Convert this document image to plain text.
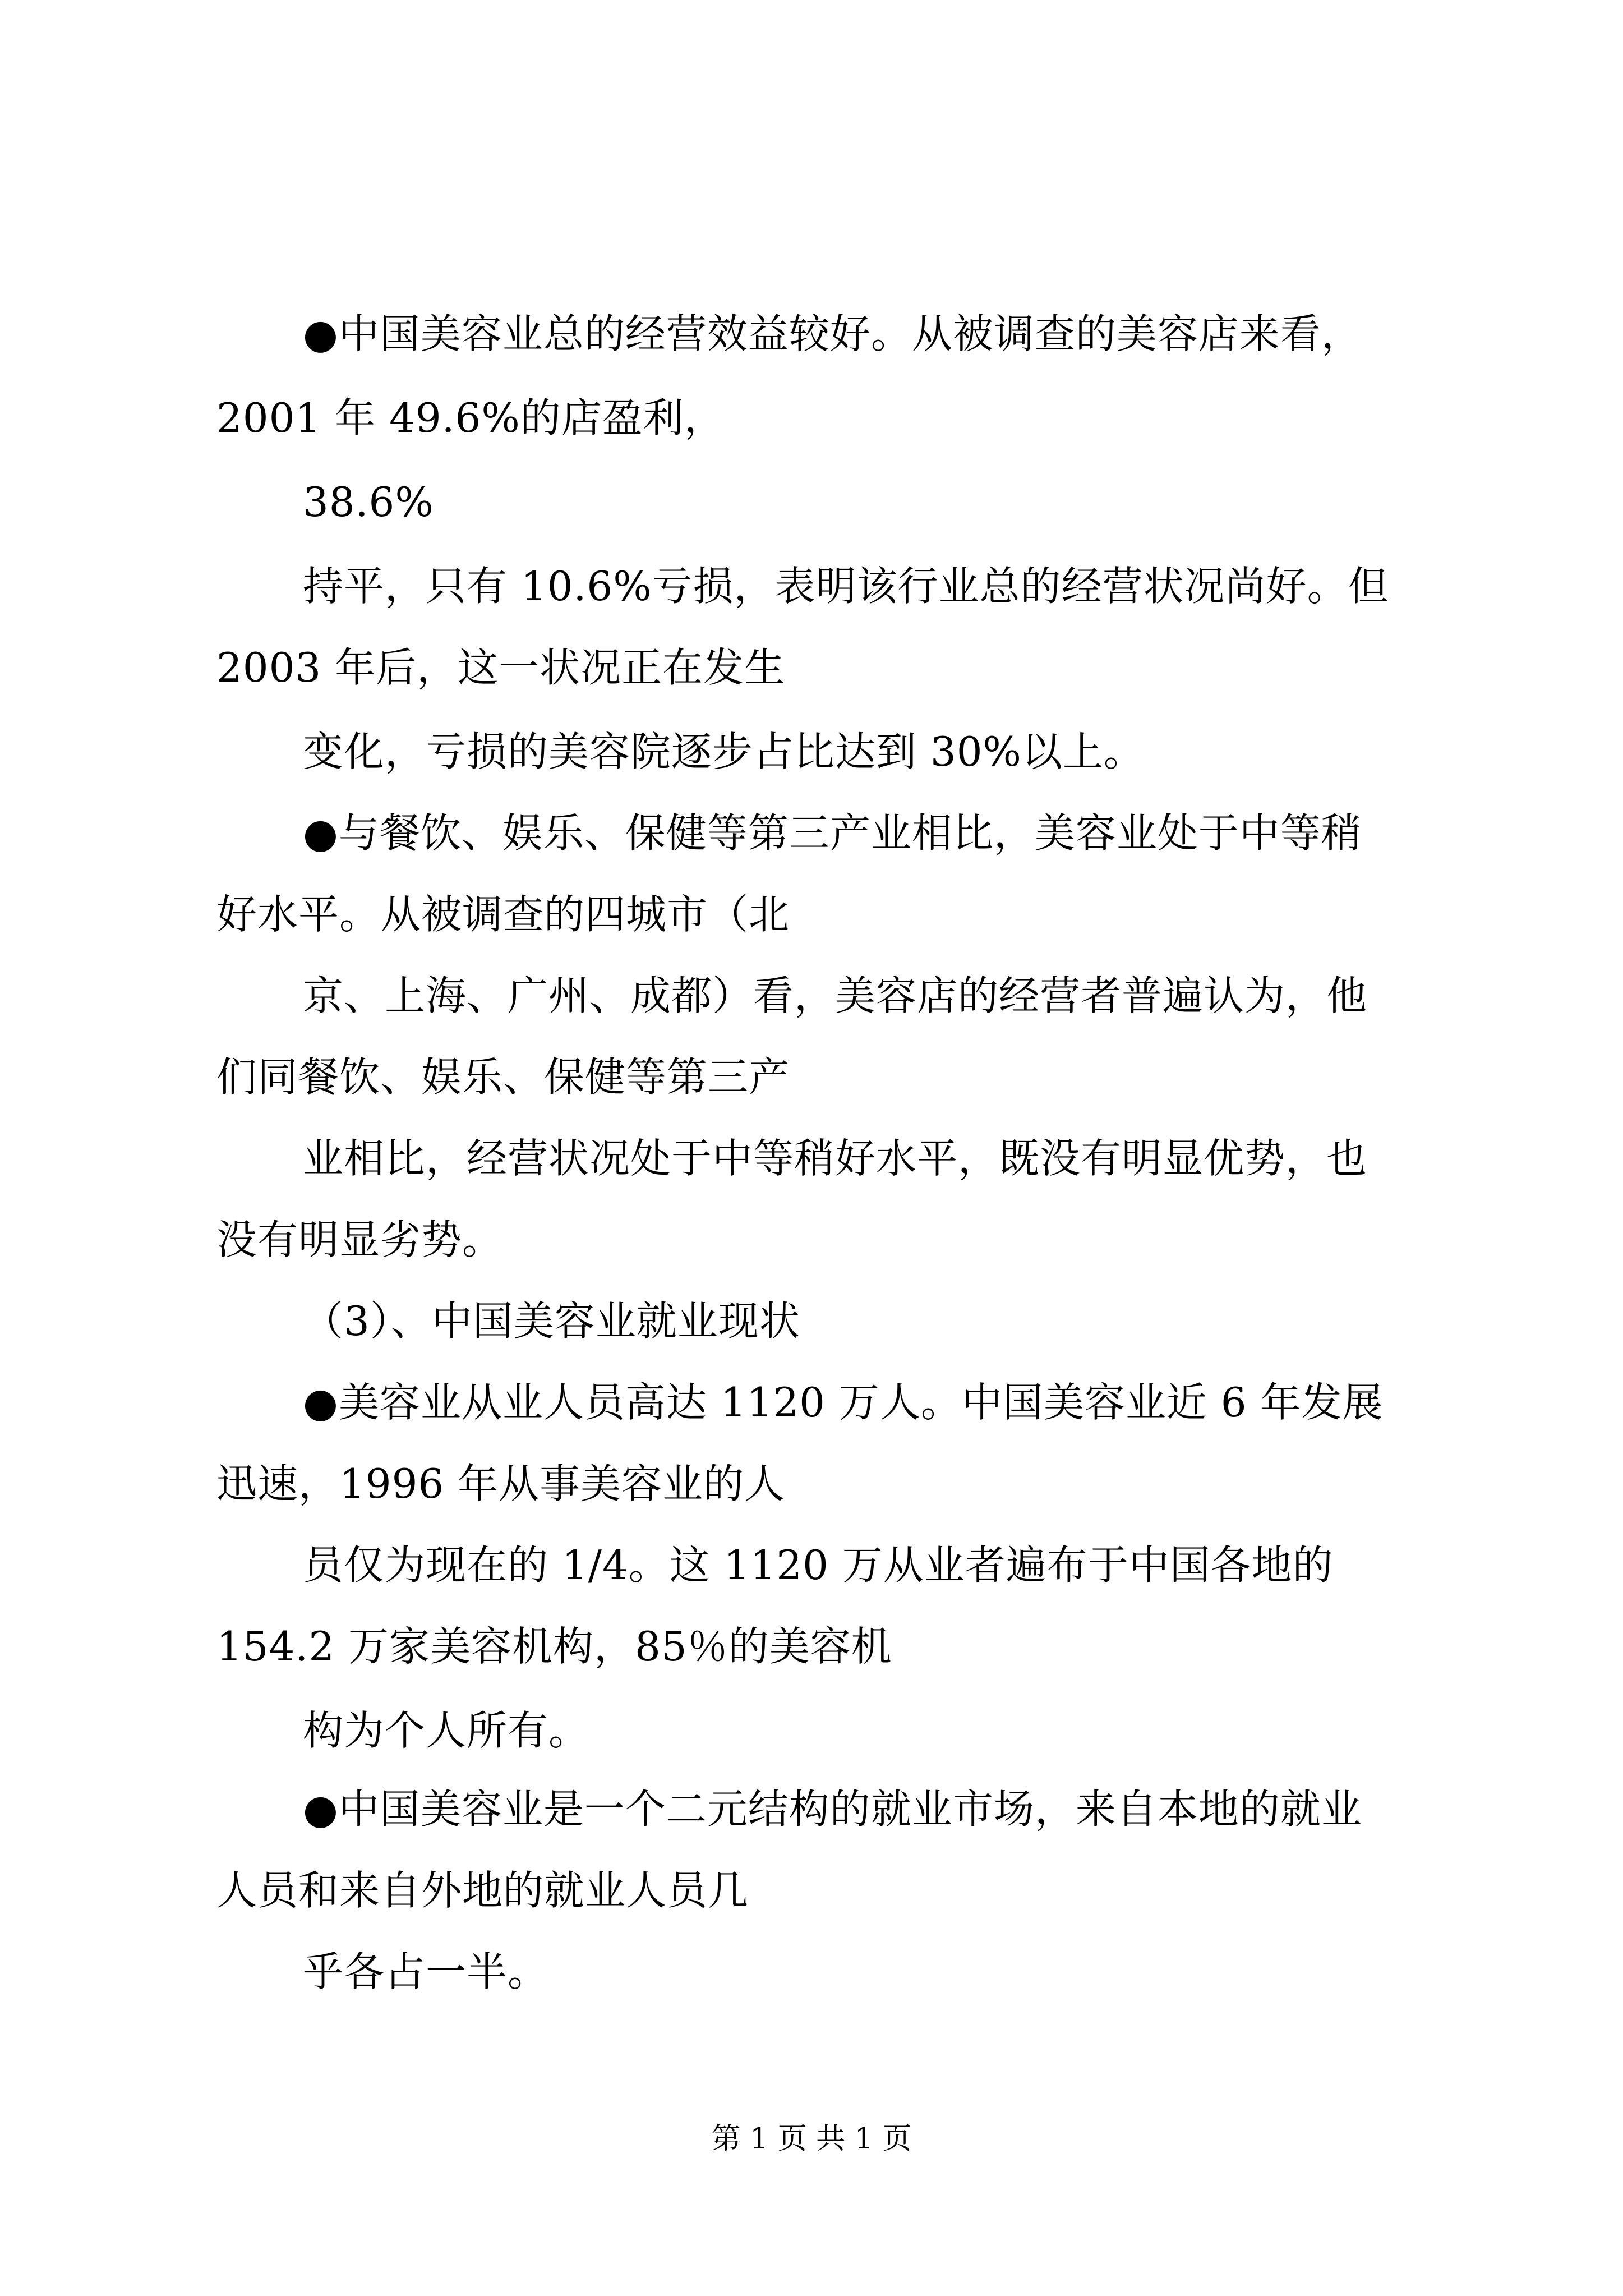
●中国美容业总的经营效益较好。从被调查的美容店来看，
2001 年 49.6%的店盈利，
38.6%
持平，只有 10.6%亏损，表明该行业总的经营状况尚好。但
2003 年后，这一状况正在发生
变化，亏损的美容院逐步占比达到 30%以上。
●与餐饮、娱乐、保健等第三产业相比，美容业处于中等稍
好水平。从被调查的四城市（北
京、上海、广州、成都）看，美容店的经营者普遍认为，他
们同餐饮、娱乐、保健等第三产
业相比，经营状况处于中等稍好水平，既没有明显优势，也
没有明显劣势。
（3）、中国美容业就业现状
●美容业从业人员高达 1120 万人。中国美容业近 6 年发展
迅速，1996 年从事美容业的人
员仅为现在的 1/4。这 1120 万从业者遍布于中国各地的
154.2 万家美容机构，85％的美容机
构为个人所有。
●中国美容业是一个二元结构的就业市场，来自本地的就业
人员和来自外地的就业人员几
乎各占一半。
第 1 页 共 1 页
